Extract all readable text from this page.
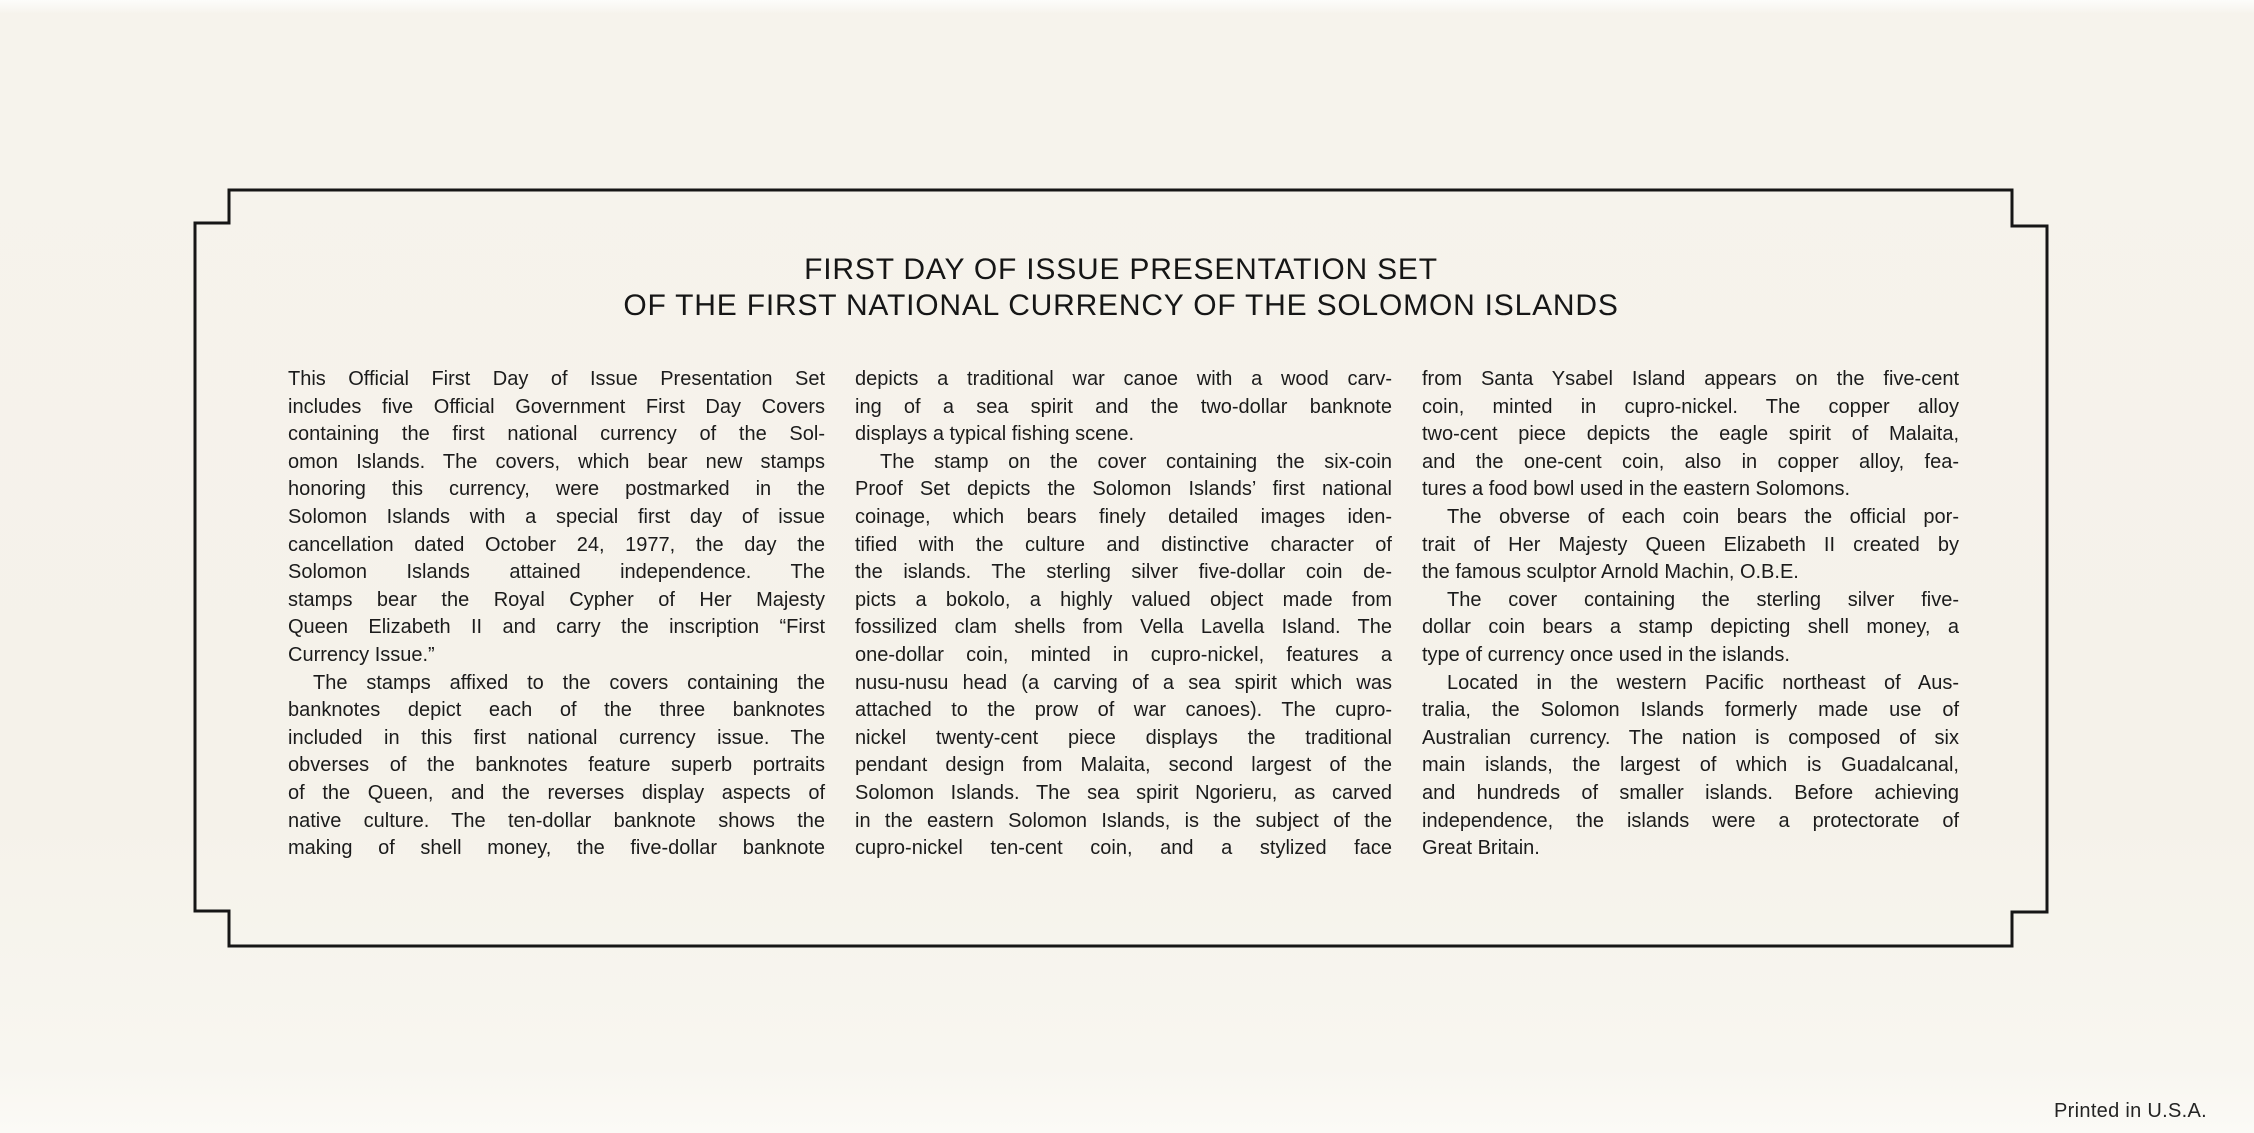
FIRST DAY OF ISSUE PRESENTATION SET
OF THE FIRST NATIONAL CURRENCY OF THE SOLOMON ISLANDS
This Official First Day of Issue Presentation Set
includes five Official Government First Day Covers
containing the first national currency of the Sol-
omon Islands. The covers, which bear new stamps
honoring this currency, were postmarked in the
Solomon Islands with a special first day of issue
cancellation dated October 24, 1977, the day the
Solomon Islands attained independence. The
stamps bear the Royal Cypher of Her Majesty
Queen Elizabeth II and carry the inscription “First
Currency Issue.”
The stamps affixed to the covers containing the
banknotes depict each of the three banknotes
included in this first national currency issue. The
obverses of the banknotes feature superb portraits
of the Queen, and the reverses display aspects of
native culture. The ten-dollar banknote shows the
making of shell money, the five-dollar banknote
depicts a traditional war canoe with a wood carv-
ing of a sea spirit and the two-dollar banknote
displays a typical fishing scene.
The stamp on the cover containing the six-coin
Proof Set depicts the Solomon Islands’ first national
coinage, which bears finely detailed images iden-
tified with the culture and distinctive character of
the islands. The sterling silver five-dollar coin de-
picts a bokolo, a highly valued object made from
fossilized clam shells from Vella Lavella Island. The
one-dollar coin, minted in cupro-nickel, features a
nusu-nusu head (a carving of a sea spirit which was
attached to the prow of war canoes). The cupro-
nickel twenty-cent piece displays the traditional
pendant design from Malaita, second largest of the
Solomon Islands. The sea spirit Ngorieru, as carved
in the eastern Solomon Islands, is the subject of the
cupro-nickel ten-cent coin, and a stylized face
from Santa Ysabel Island appears on the five-cent
coin, minted in cupro-nickel. The copper alloy
two-cent piece depicts the eagle spirit of Malaita,
and the one-cent coin, also in copper alloy, fea-
tures a food bowl used in the eastern Solomons.
The obverse of each coin bears the official por-
trait of Her Majesty Queen Elizabeth II created by
the famous sculptor Arnold Machin, O.B.E.
The cover containing the sterling silver five-
dollar coin bears a stamp depicting shell money, a
type of currency once used in the islands.
Located in the western Pacific northeast of Aus-
tralia, the Solomon Islands formerly made use of
Australian currency. The nation is composed of six
main islands, the largest of which is Guadalcanal,
and hundreds of smaller islands. Before achieving
independence, the islands were a protectorate of
Great Britain.
Printed in U.S.A.
